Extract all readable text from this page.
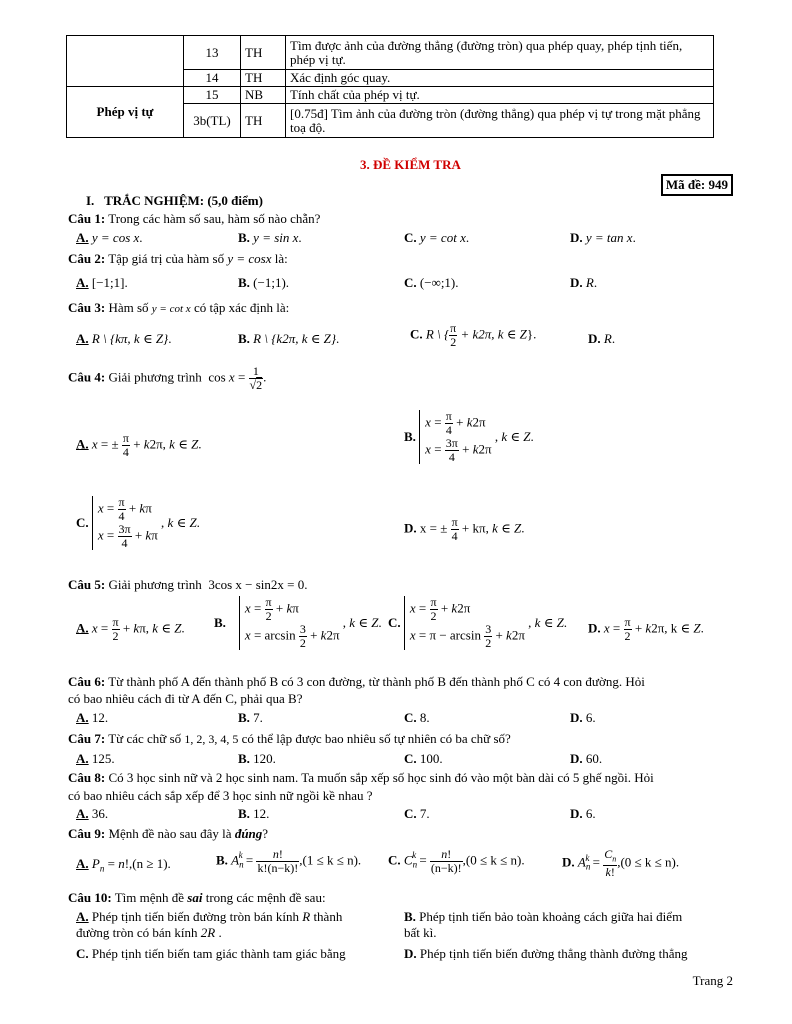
	13	TH	Tìm được ảnh của đường thẳng (đường tròn) qua phép quay, phép tịnh tiến, phép vị tự.
	14	TH	Xác định góc quay.
Phép vị tự	15	NB	Tính chất của phép vị tự.
	3b(TL)	TH	[0.75đ] Tìm ảnh của đường tròn (đường thẳng) qua phép vị tự trong mặt phẳng toạ độ.
3. ĐỀ KIỂM TRA
Mã đề: 949
I. TRẮC NGHIỆM: (5,0 điểm)
Câu 1: Trong các hàm số sau, hàm số nào chẵn?
A. y = cos x.	B. y = sin x.	C. y = cot x.	D. y = tan x.
Câu 2: Tập giá trị của hàm số y = cosx là:
A. [−1;1].	B. (−1;1).	C. (−∞;1).	D. R.
Câu 3: Hàm số y = cot x có tập xác định là:
A. R \ {kπ, k ∈ Z}.	B. R \ {k2π, k ∈ Z}.	C. R \ { $\frac{\pi}{2} + k2\pi$, k ∈ Z}.	D. R.
Câu 4: Giải phương trình  $\cos x = \frac{1}{√2}$ .
A. x = ± $\frac{\pi}{4} + k2\pi$, k ∈ Z.	B.
$x = \frac{\pi}{4} + k2\pi$
$x = \frac{3\pi}{4} + k2\pi$
, k ∈ Z.
C.
$x = \frac{\pi}{4} + k\pi$
$x = \frac{3\pi}{4} + k\pi$
, k ∈ Z.	D. x = ± $\frac{\pi}{4} + k\pi$, k ∈ Z.
Câu 5: Giải phương trình 3cos x − sin2x = 0.
A. $x = \frac{\pi}{2} + k\pi$, k ∈ Z. B.
$x = \frac{\pi}{2} + k\pi$
$x = \arcsin \frac{3}{2} + k2\pi$
, k ∈ Z. C.
$x = \frac{\pi}{2} + k2\pi$
$x = \pi - \arcsin \frac{3}{2} + k2\pi$
, k ∈ Z. D. $x = \frac{\pi}{2} + k2\pi$, k ∈ Z.
Câu 6: Từ thành phố A đến thành phố B có 3 con đường, từ thành phố B đến thành phố C có 4 con đường. Hỏi
có bao nhiêu cách đi từ A đến C, phải qua B?
A. 12.	B. 7.	C. 8.	D. 6.
Câu 7: Từ các chữ số 1, 2, 3, 4, 5 có thể lập được bao nhiêu số tự nhiên có ba chữ số?
A. 125.	B. 120.	C. 100.	D. 60.
Câu 8: Có 3 học sinh nữ và 2 học sinh nam. Ta muốn sắp xếp số học sinh đó vào một bàn dài có 5 ghế ngồi. Hỏi
có bao nhiêu cách sắp xếp để 3 học sinh nữ ngồi kề nhau ?
A. 36.	B. 12.	C. 7.	D. 6.
Câu 9: Mệnh đề nào sau đây là đúng?
A. $P_n = n!,(n \ge 1)$.	B. $A_n^k = \frac{n!}{k!(n-k)!} ,(1 \le k \le n)$. C. $C_n^k = \frac{n!}{(n-k)!} ,(0 \le k \le n)$.	D. $A_n^k = \frac{C_n}{k!} ,(0 \le k \le n)$.
Câu 10: Tìm mệnh đề sai trong các mệnh đề sau:
A. Phép tịnh tiến biến đường tròn bán kính R thành
đường tròn có bán kính 2R .
B. Phép tịnh tiến bảo toàn khoảng cách giữa hai điểm
bất kì.
C. Phép tịnh tiến biến tam giác thành tam giác bằng	D. Phép tịnh tiến biến đường thẳng thành đường thẳng
Trang 2
